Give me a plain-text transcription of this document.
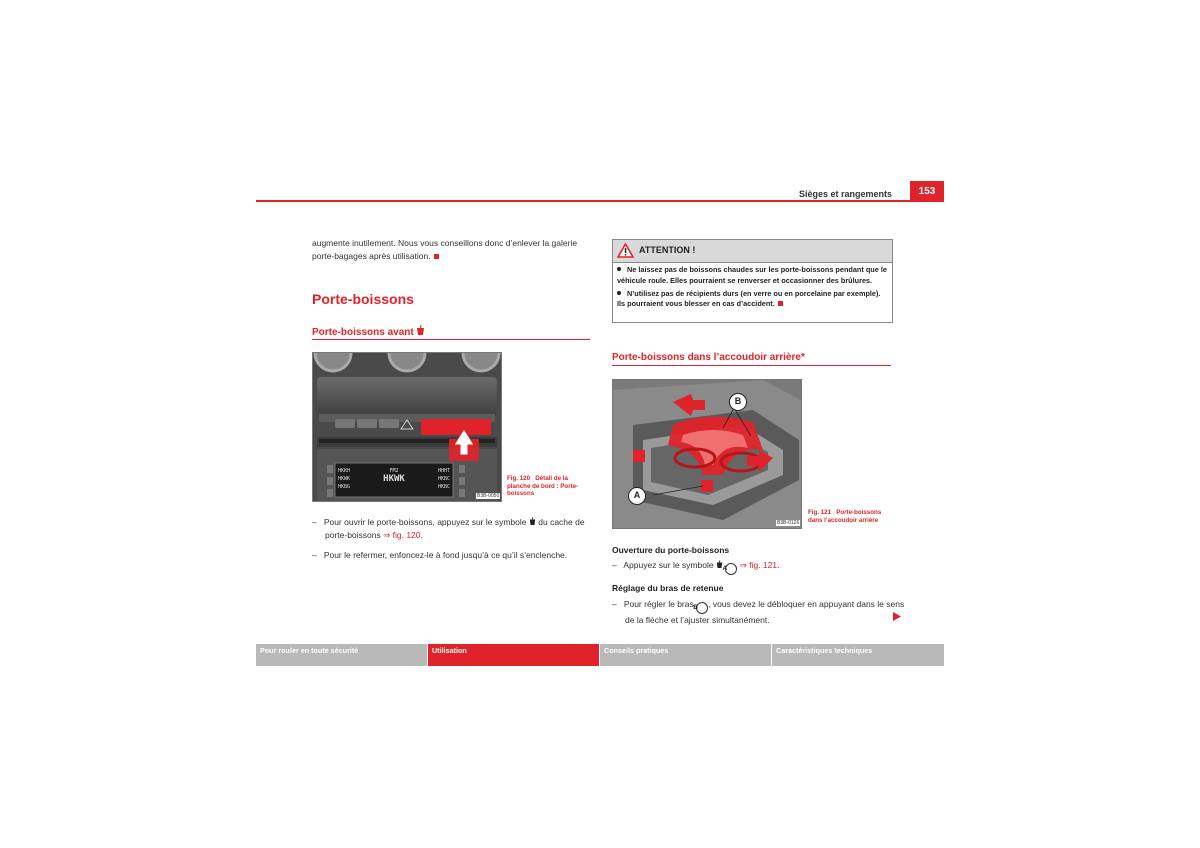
Sièges et rangements	153
augmente inutilement. Nous vous conseillons donc d’enlever la galerie porte-bagages après utilisation.
Porte-boissons
Porte-boissons avant
HKKH	FM2	HHHT
HKWK	HKWK	HKBC
HKBG	HKBC
B3B-0050
Fig. 120 Détail de la planche de bord : Porte-boissons
–   Pour ouvrir le porte-boissons, appuyez sur le symbole du cache de porte-boissons ⇒ fig. 120.
–   Pour le refermer, enfoncez-le à fond jusqu’à ce qu’il s’enclenche.
ATTENTION !
Ne laissez pas de boissons chaudes sur les porte-boissons pendant que le véhicule roule. Elles pourraient se renverser et occasionner des brûlures.
N’utilisez pas de récipients durs (en verre ou en porcelaine par exemple). Ils pourraient vous blesser en cas d’accident.
Porte-boissons dans l’accoudoir arrière*
A
B
B3B-0126
Fig. 121 Porte-boissons dans l’accoudoir arrière
Ouverture du porte-boissons
–   Appuyez sur le symbole A ⇒ fig. 121.
Réglage du bras de retenue
–   Pour régler le bras B , vous devez le débloquer en appuyant dans le sens de la flèche et l’ajuster simultanément.
Pour rouler en toute sécurité	Utilisation	Conseils pratiques	Caractéristiques techniques
